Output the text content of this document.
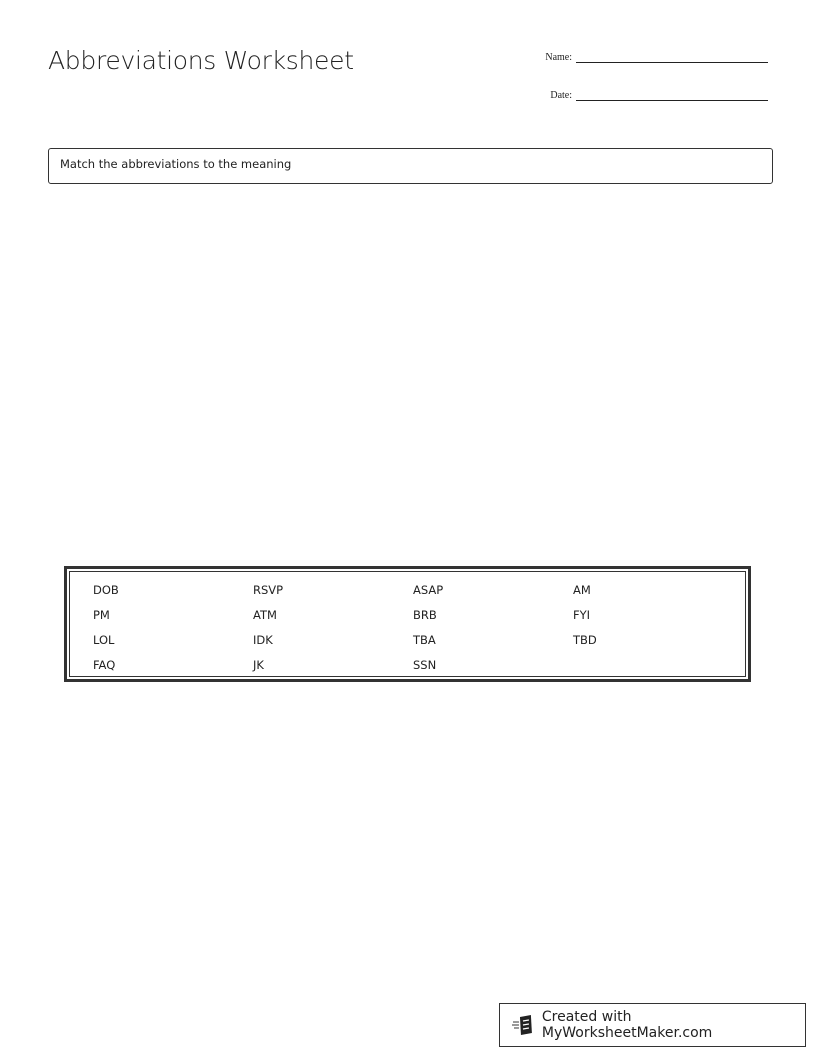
Abbreviations Worksheet	Name:
Date:
Match the abbreviations to the meaning
DOB	RSVP	ASAP	AM
PM	ATM	BRB	FYI
LOL	IDK	TBA	TBD
FAQ	JK	SSN
Created with MyWorksheetMaker.com
